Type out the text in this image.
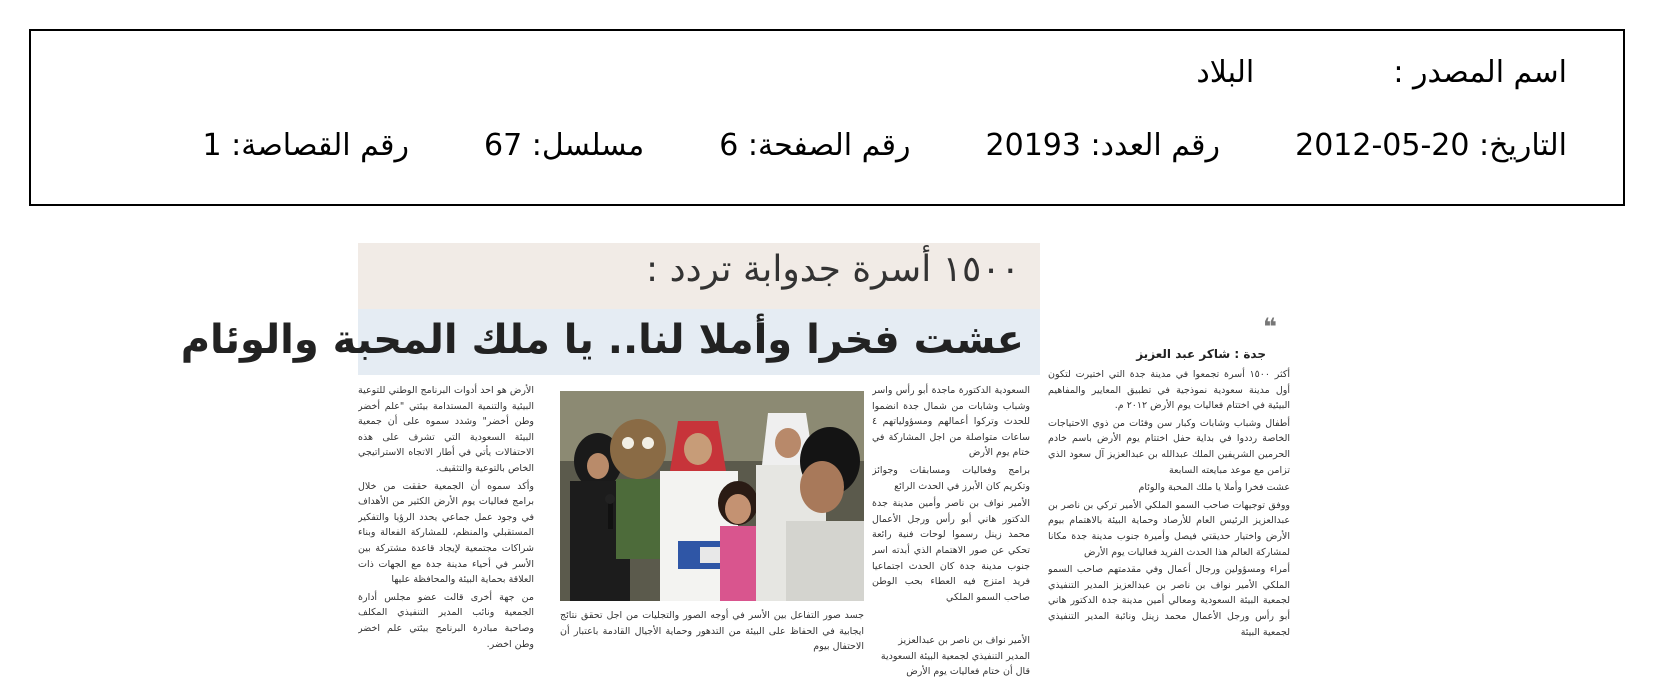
اسم المصدر :  البلاد
التاريخ: 2012-05-20  رقم العدد: 20193  رقم الصفحة: 6  مسلسل: 67  رقم القصاصة: 1
١٥٠٠ أسرة جدوابة تردد :
عشت فخرا وأملا لنا.. يا ملك المحبة والوئام	❝
جدة : شاكر عبد العزيز

أكثر ١٥٠٠ أسرة تجمعوا في مدينة جدة التي اختيرت لتكون أول مدينة سعودية نموذجية في تطبيق المعايير والمفاهيم البيئية في اختتام فعاليات يوم الأرض ٢٠١٢ م.

أطفال وشباب وشابات وكبار سن وفئات من ذوي الاحتياجات الخاصة رددوا في بداية حفل اختتام يوم الأرض باسم خادم الحرمين الشريفين الملك عبدالله بن عبدالعزيز آل سعود الذي تزامن مع موعد مبايعته السابعة

عشت فخرا وأملا يا ملك المحبة والوئام

ووفق توجيهات صاحب السمو الملكي الأمير تركي بن ناصر بن عبدالعزيز الرئيس العام للأرصاد وحماية البيئة بالاهتمام بيوم الأرض واختيار حديقتي فيصل وأميرة جنوب مدينة جدة مكانا لمشاركة العالم هذا الحدث الفريد فعاليات يوم الأرض

أمراء ومسؤولين ورجال أعمال وفي مقدمتهم صاحب السمو الملكي الأمير نواف بن ناصر بن عبدالعزيز المدير التنفيذي لجمعية البيئة السعودية ومعالي أمين مدينة جدة الدكتور هاني أبو رأس ورجل الأعمال محمد زينل ونائبة المدير التنفيذي لجمعية البيئة

السعودية الدكتورة ماجدة أبو رأس واسر وشباب وشابات من شمال جدة انضموا للحدث وتركوا أعمالهم ومسؤولياتهم ٤ ساعات متواصلة من اجل المشاركة في ختام يوم الأرض

برامج وفعاليات ومسابقات وجوائز وتكريم كان الأبرز في الحدث الرائع

الأمير نواف بن ناصر وأمين مدينة جدة الدكتور هاني أبو رأس ورجل الأعمال محمد زينل رسموا لوحات فنية رائعة تحكي عن صور الاهتمام الذي أبدته اسر جنوب مدينة جدة كان الحدث اجتماعيا فريد امتزج فيه العطاء بحب الوطن صاحب السمو الملكي

الأمير نواف بن ناصر بن عبدالعزيز المدير التنفيذي لجمعية البيئة السعودية قال أن ختام فعاليات يوم الأرض
جسد صور التفاعل بين الأسر في أوجه الصور والتجليات من اجل تحقق نتائج ايجابية في الحفاظ على البيئة من التدهور وحماية الأجيال القادمة باعتبار أن الاحتفال بيوم

الأرض هو احد أدوات البرنامج الوطني للتوعية البيئية والتنمية المستدامة بيئتي "علم أخضر وطن أخضر" وشدد سموه على أن جمعية البيئة السعودية التي تشرف على هذه الاحتفالات يأتي في أطار الاتجاه الاستراتيجي الخاص بالتوعية والتثقيف.

وأكد سموه أن الجمعية حققت من خلال برامج فعاليات يوم الأرض الكثير من الأهداف في وجود عمل جماعي يحدد الرؤيا والتفكير المستقبلي والمنظم، للمشاركة الفعالة وبناء شراكات مجتمعية لإيجاد قاعدة مشتركة بين الأسر في أحياء مدينة جدة مع الجهات ذات العلاقة بحماية البيئة والمحافظة عليها

من جهة أخرى قالت عضو مجلس أدارة الجمعية ونائب المدير التنفيذي المكلف وصاحبة مبادرة البرنامج بيئتي علم اخضر وطن اخضر.
